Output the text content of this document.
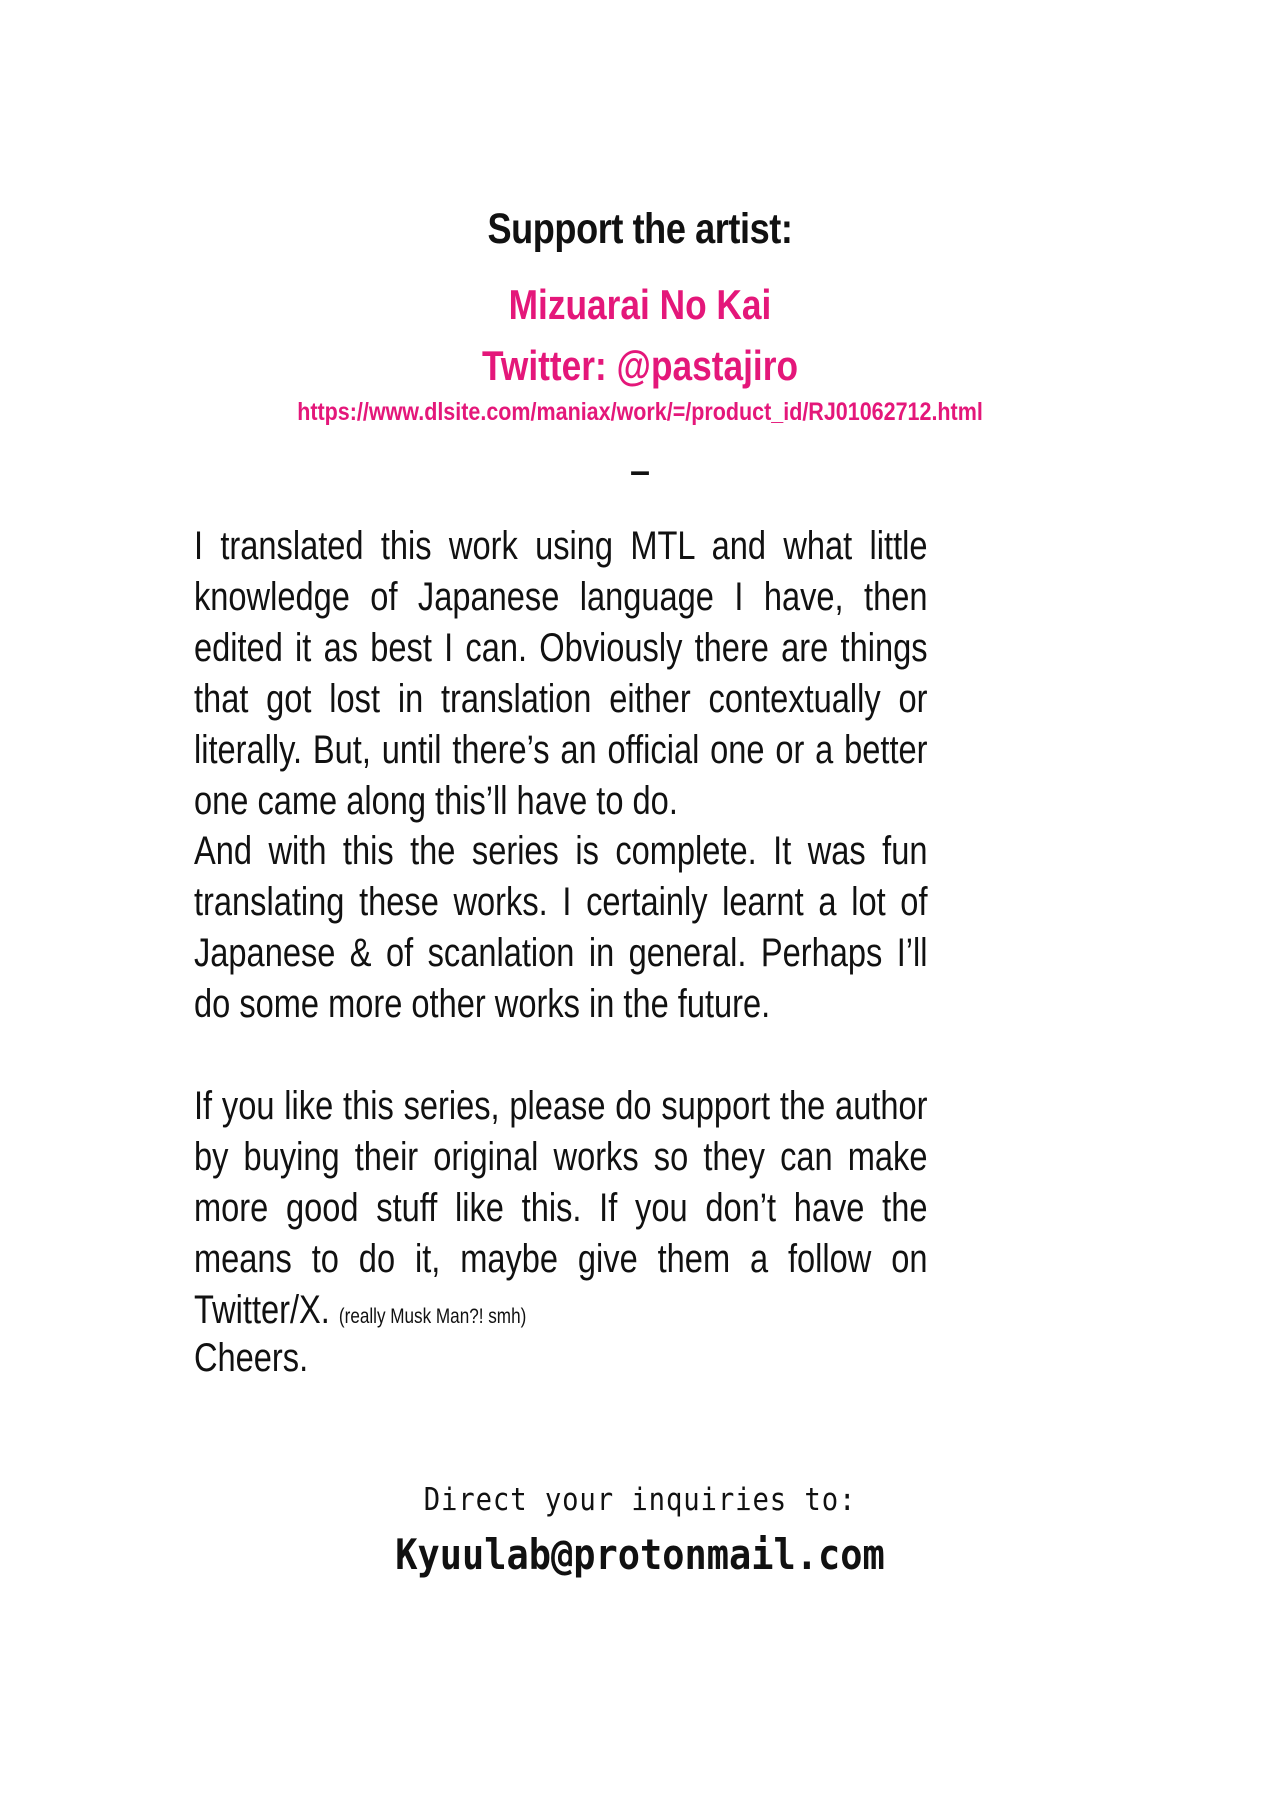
Support the artist:
Mizuarai No Kai
Twitter: @pastajiro
https://www.dlsite.com/maniax/work/=/product_id/RJ01062712.html
–
I translated this work using MTL and what little knowledge of Japanese language I have, then edited it as best I can. Obviously there are things that got lost in translation either contextually or literally. But, until there’s an official one or a better one came along this’ll have to do.
And with this the series is complete. It was fun translating these works. I certainly learnt a lot of Japanese & of scanlation in general. Perhaps I’ll do some more other works in the future.
If you like this series, please do support the author by buying their original works so they can make more good stuff like this. If you don’t have the means to do it, maybe give them a follow on Twitter/X. (really Musk Man?! smh)
Cheers.
Direct your inquiries to:
Kyuulab@protonmail.com
